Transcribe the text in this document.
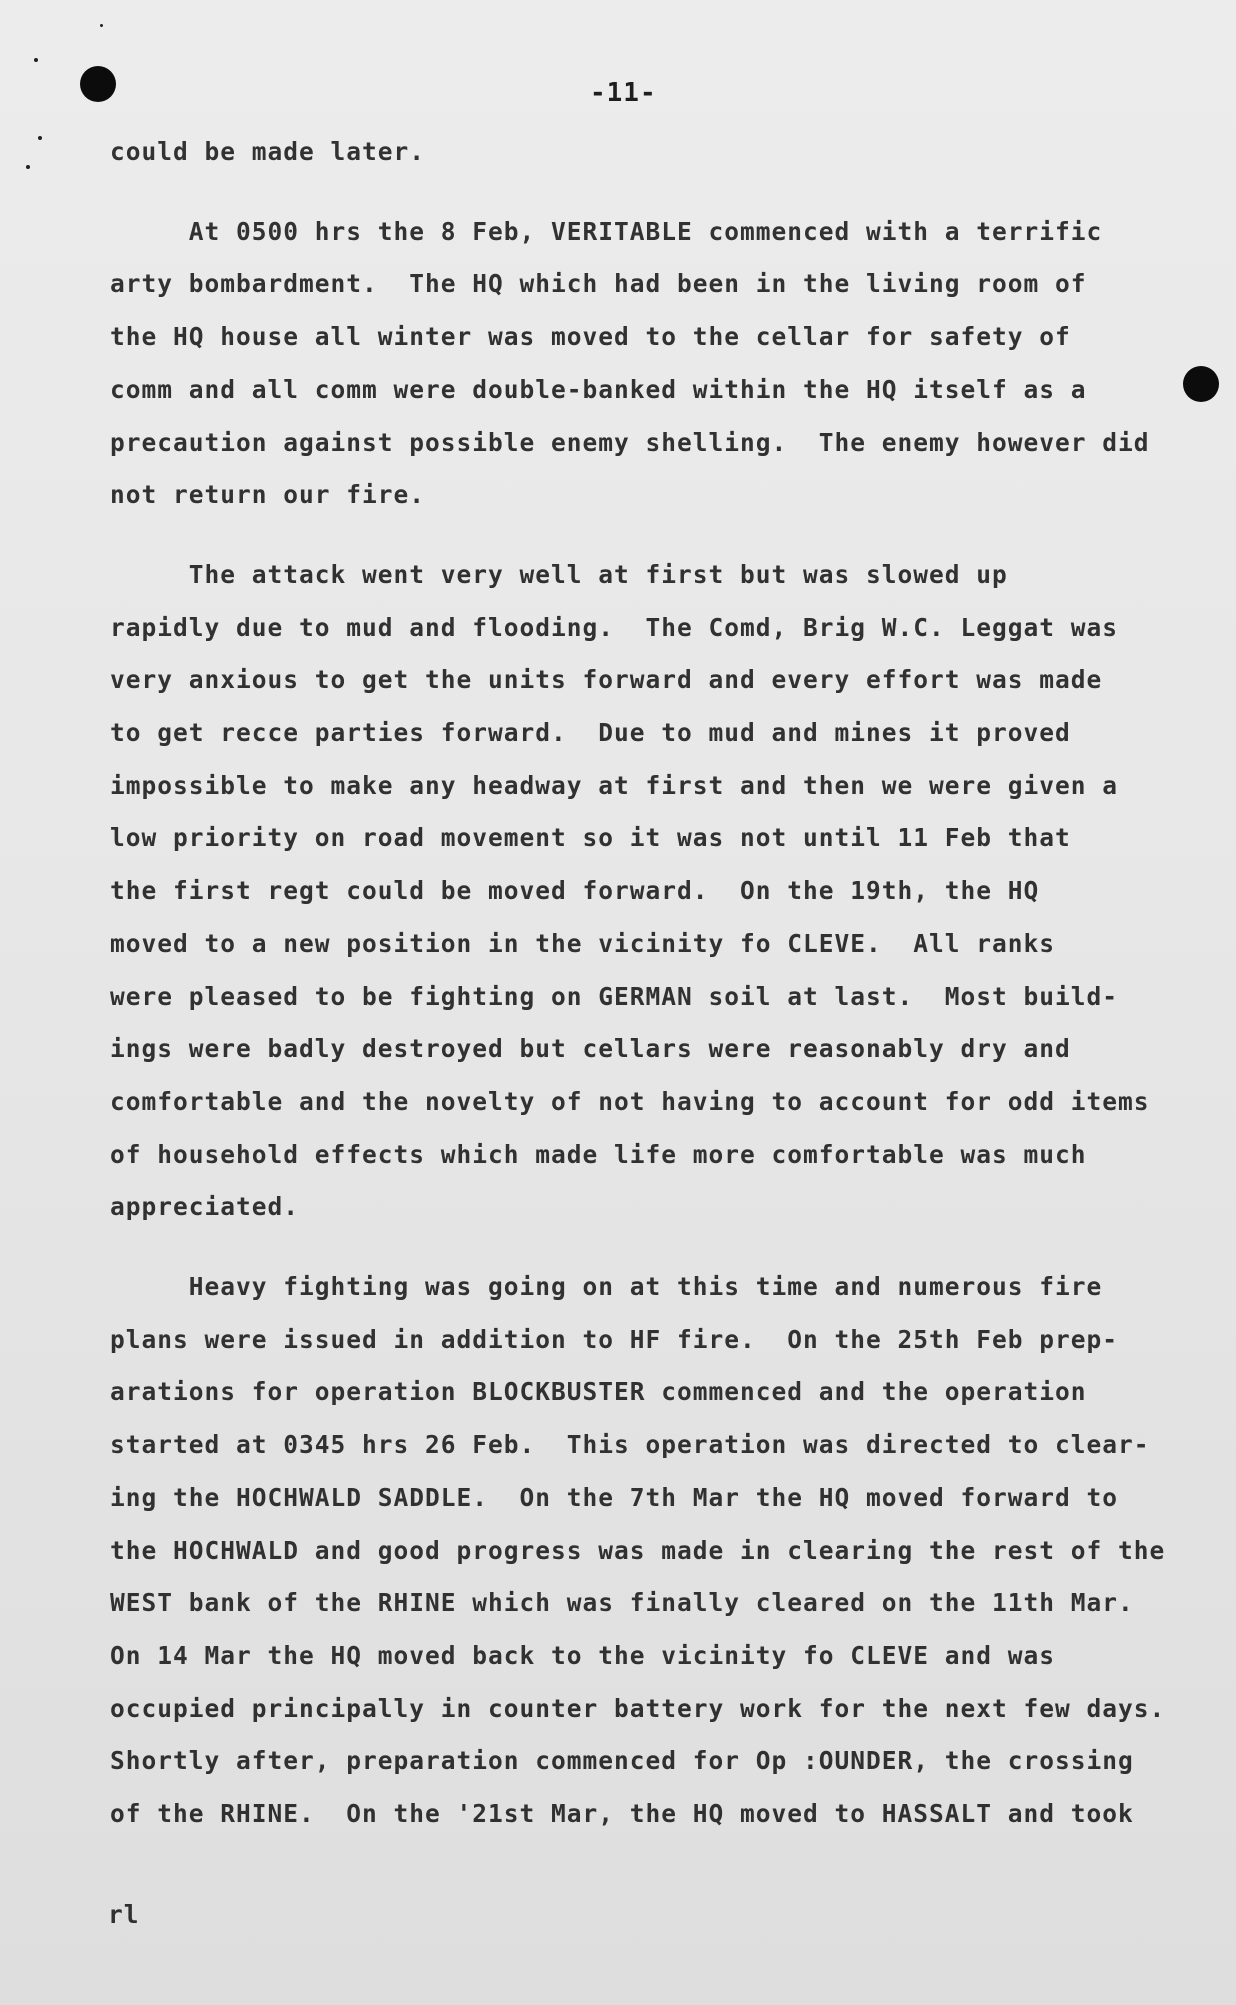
-11-
could be made later.
At 0500 hrs the 8 Feb, VERITABLE commenced with a terrific
arty bombardment.  The HQ which had been in the living room of
the HQ house all winter was moved to the cellar for safety of
comm and all comm were double-banked within the HQ itself as a
precaution against possible enemy shelling.  The enemy however did
not return our fire.
The attack went very well at first but was slowed up
rapidly due to mud and flooding.  The Comd, Brig W.C. Leggat was
very anxious to get the units forward and every effort was made
to get recce parties forward.  Due to mud and mines it proved
impossible to make any headway at first and then we were given a
low priority on road movement so it was not until 11 Feb that
the first regt could be moved forward.  On the 19th, the HQ
moved to a new position in the vicinity fo CLEVE.  All ranks
were pleased to be fighting on GERMAN soil at last.  Most build-
ings were badly destroyed but cellars were reasonably dry and
comfortable and the novelty of not having to account for odd items
of household effects which made life more comfortable was much
appreciated.
Heavy fighting was going on at this time and numerous fire
plans were issued in addition to HF fire.  On the 25th Feb prep-
arations for operation BLOCKBUSTER commenced and the operation
started at 0345 hrs 26 Feb.  This operation was directed to clear-
ing the HOCHWALD SADDLE.  On the 7th Mar the HQ moved forward to
the HOCHWALD and good progress was made in clearing the rest of the
WEST bank of the RHINE which was finally cleared on the 11th Mar.
On 14 Mar the HQ moved back to the vicinity fo CLEVE and was
occupied principally in counter battery work for the next few days.
Shortly after, preparation commenced for Op :OUNDER, the crossing
of the RHINE.  On the '21st Mar, the HQ moved to HASSALT and took
rl
